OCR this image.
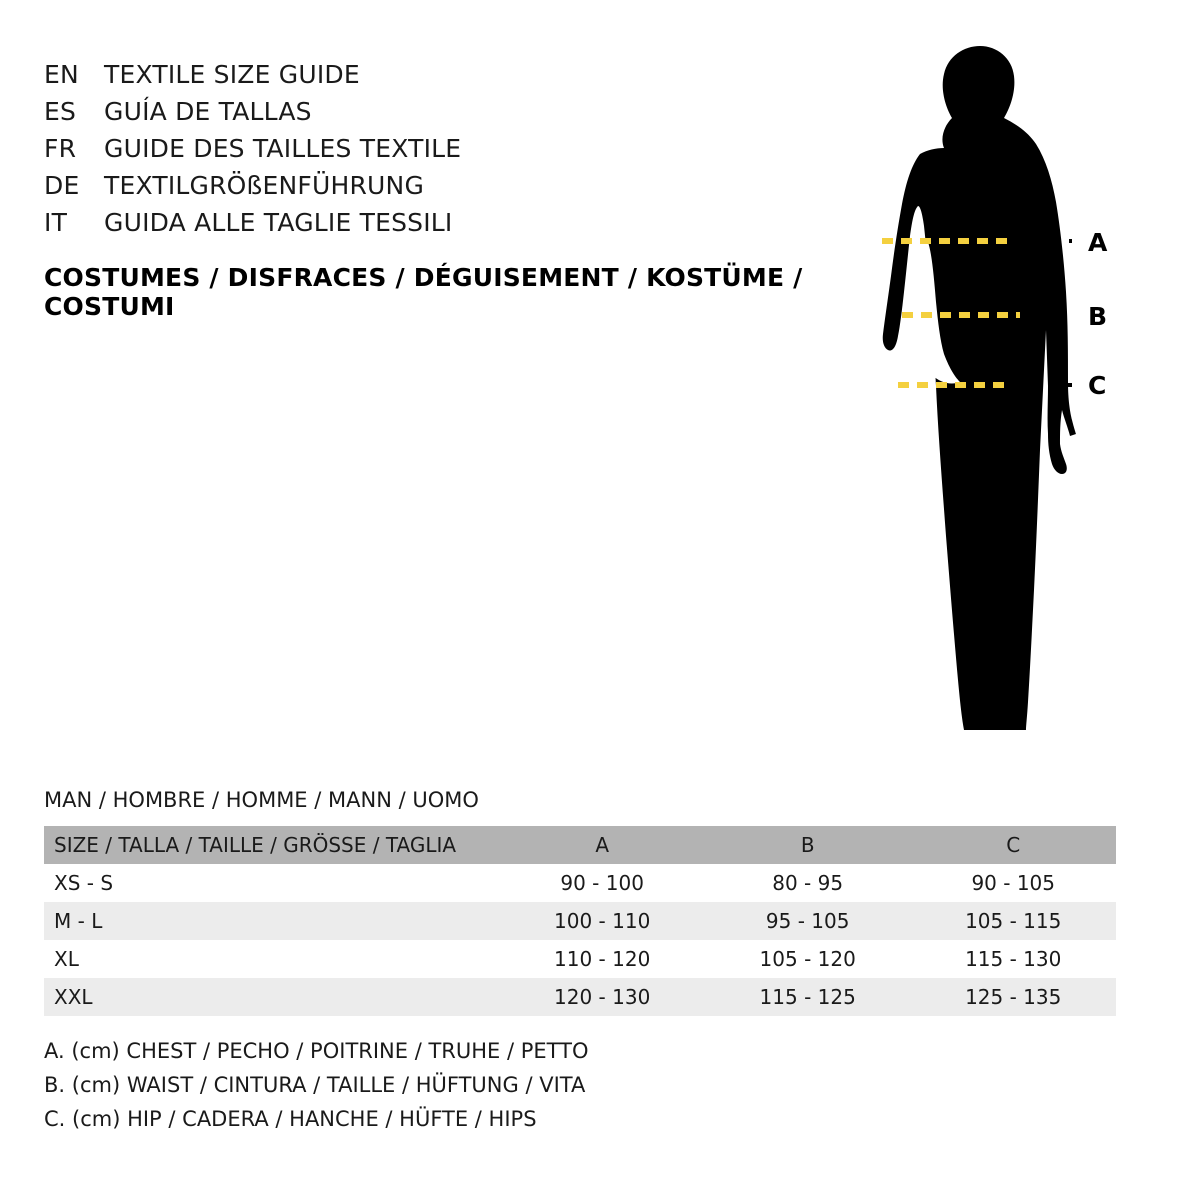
EN	TEXTILE SIZE GUIDE
ES	GUÍA DE TALLAS
FR	GUIDE DES TAILLES TEXTILE
DE TEXTILGRÖßENFÜHRUNG
IT	GUIDA ALLE TAGLIE TESSILI
COSTUMES / DISFRACES / DÉGUISEMENT / KOSTÜME / COSTUMI
A
B
C
MAN / HOMBRE / HOMME / MANN / UOMO
SIZE / TALLA / TAILLE / GRÖSSE / TAGLIA	A	B	C
XS - S	90 - 100	80 - 95	90 - 105
M - L	100 - 110	95 - 105	105 - 115
XL	110 - 120	105 - 120	115 - 130
XXL	120 - 130	115 - 125	125 - 135
A. (cm) CHEST / PECHO / POITRINE / TRUHE / PETTO
B. (cm) WAIST / CINTURA / TAILLE / HÜFTUNG / VITA
C. (cm) HIP / CADERA / HANCHE / HÜFTE / HIPS
